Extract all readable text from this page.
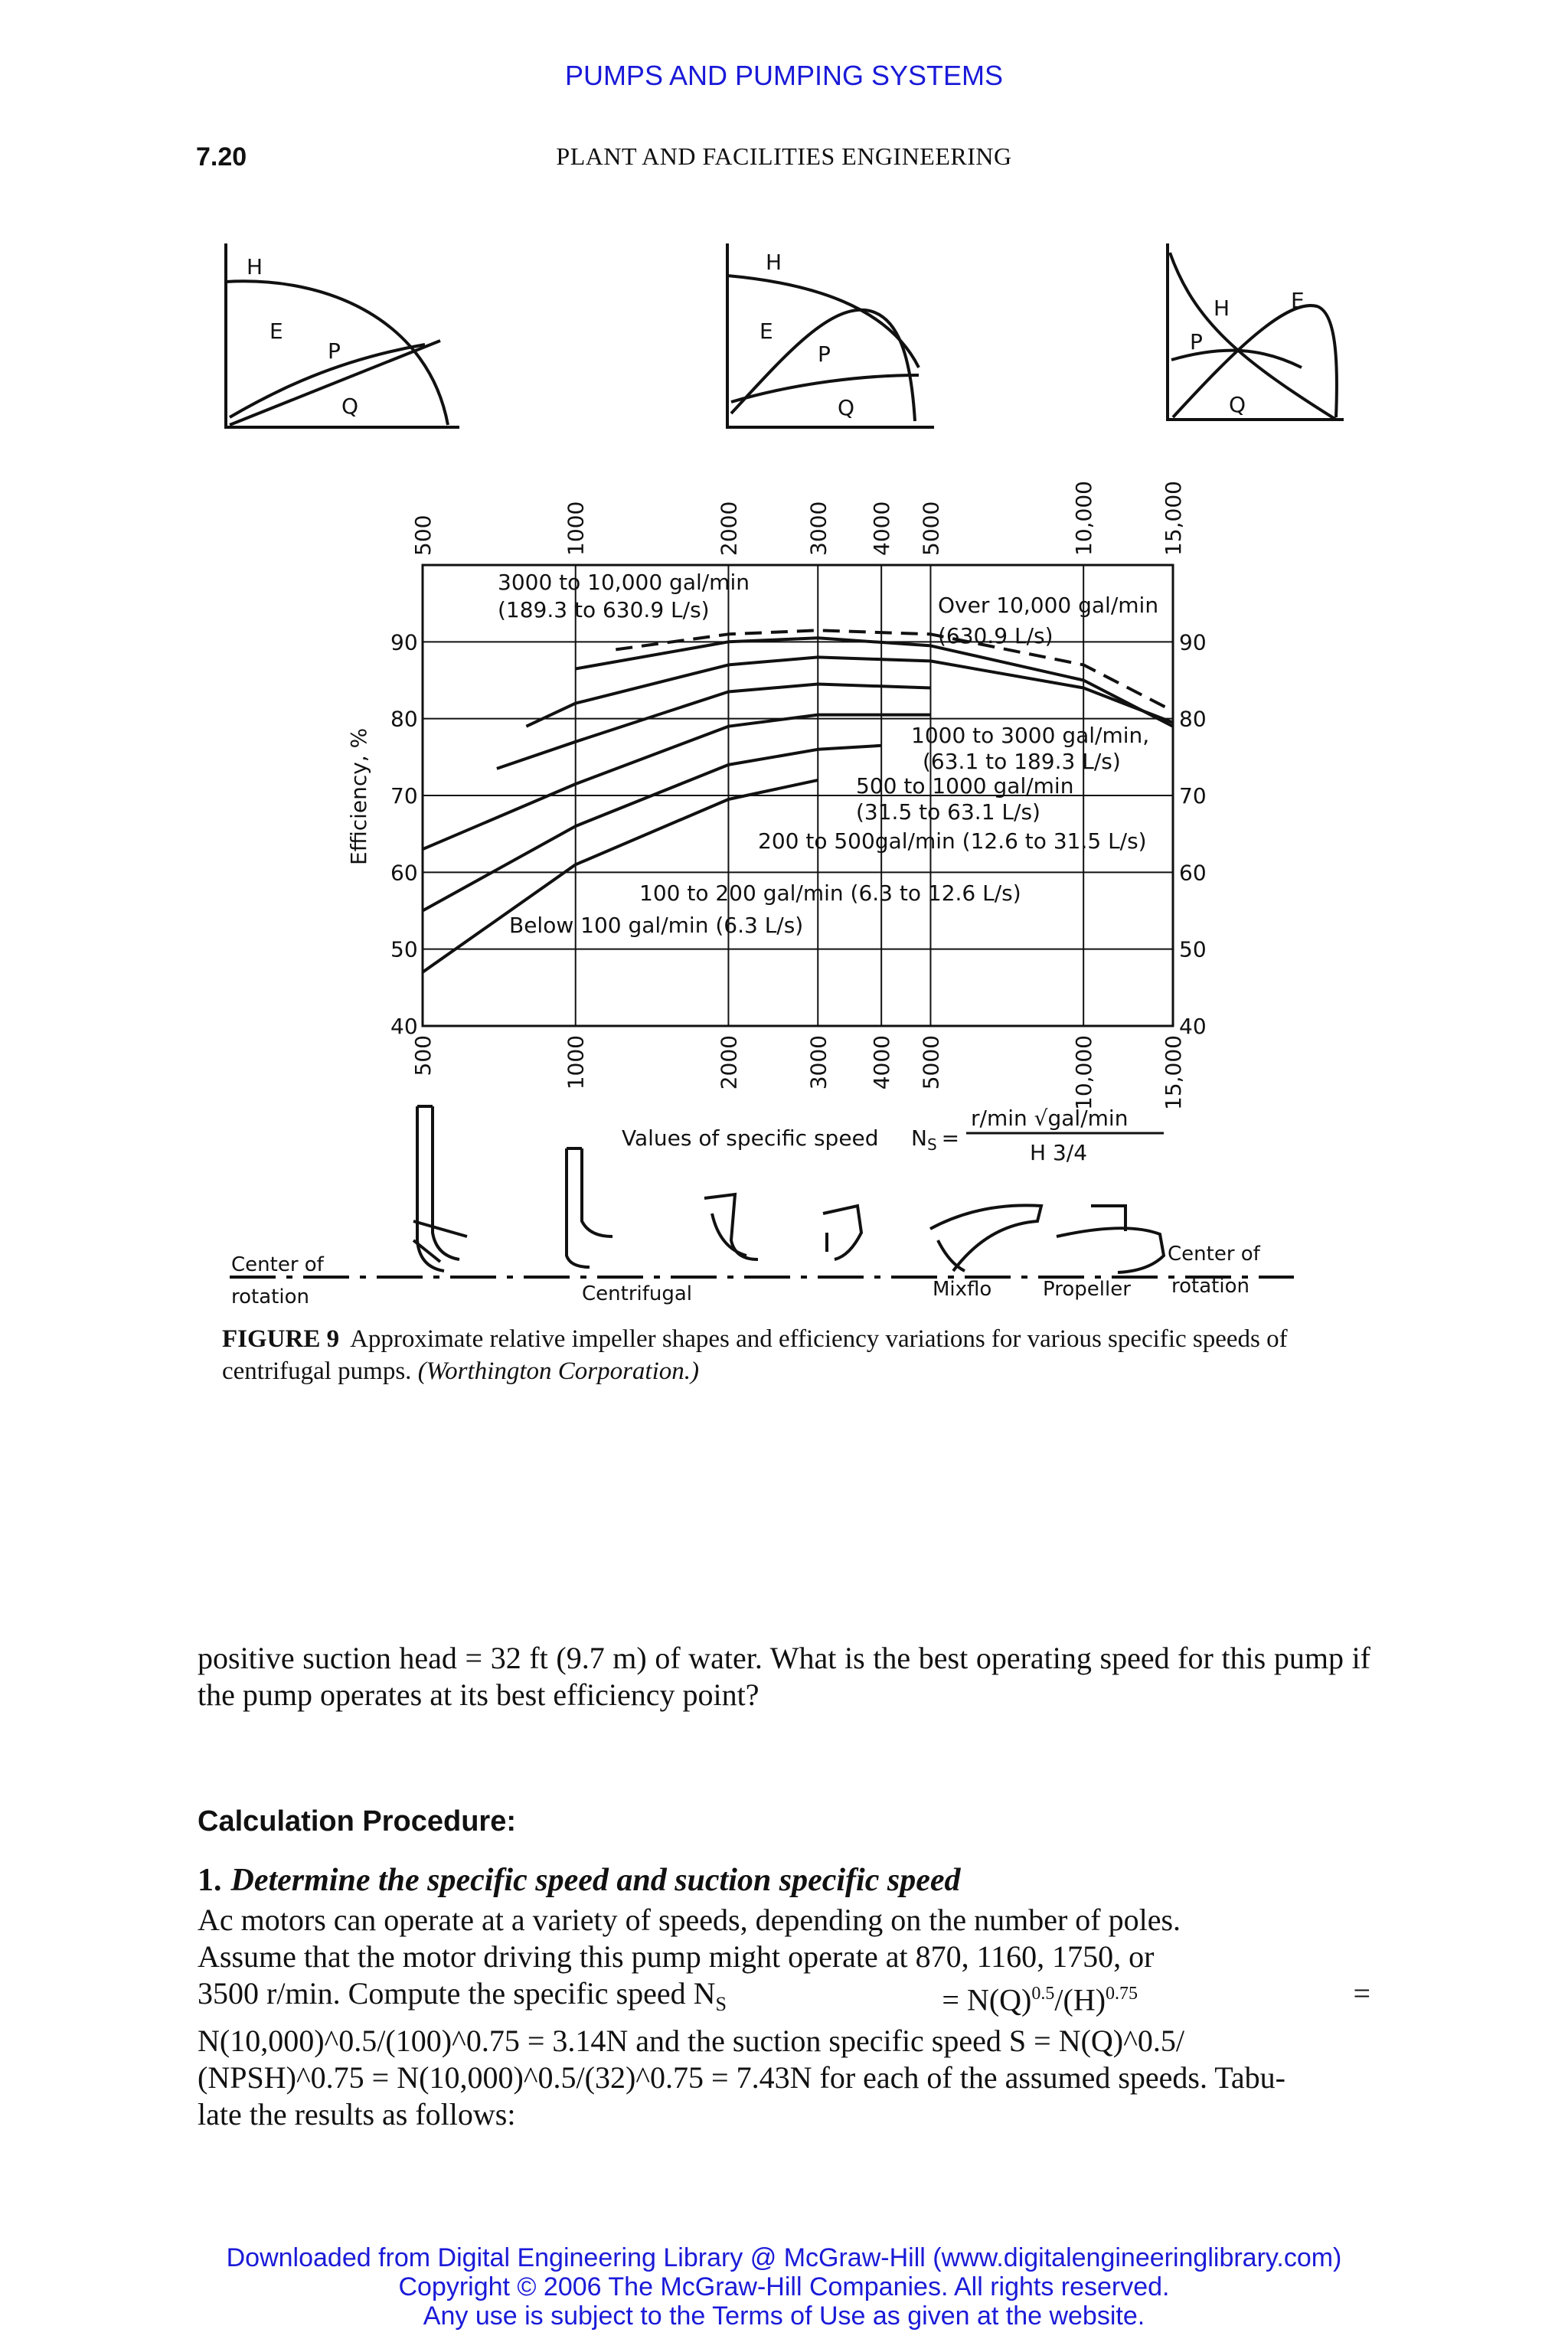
PUMPS AND PUMPING SYSTEMS
7.20	PLANT AND FACILITIES ENGINEERING
H
E
P
Q
H
E
P
Q
H	E
P
Q
40	40
50	50
60	60
70	70
80	80
90	90
500
500
1000
1000
2000
2000
3000
3000
4000
4000
5000
5000
10,000
10,000
15,000
15,000
Over 10,000 gal/min
(630.9 L/s)
3000 to 10,000 gal/min
(189.3 to 630.9 L/s)
1000 to 3000 gal/min,
(63.1 to 189.3 L/s)
500 to 1000 gal/min
(31.5 to 63.1 L/s)
200 to 500gal/min (12.6 to 31.5 L/s)
100 to 200 gal/min (6.3 to 12.6 L/s)
Below 100 gal/min (6.3 L/s)
Efficiency, %
Values of specific speed $N_S$ =
r/min √gal/min
H 3/4
Center of
rotation	Centrifugal	Mixflo	Propeller
Center of
rotation
FIGURE 9 Approximate relative impeller shapes and efficiency variations for various specific speeds of centrifugal pumps. (Worthington Corporation.)
positive suction head = 32 ft (9.7 m) of water. What is the best operating speed for this pump if the pump operates at its best efficiency point?
Calculation Procedure:
1. Determine the specific speed and suction specific speed
Ac motors can operate at a variety of speeds, depending on the number of poles.
Assume that the motor driving this pump might operate at 870, 1160, 1750, or
3500 r/min. Compute the specific speed $N_S$	= $N(Q)^{0.5}/(H)^{0.75}$	=
N(10,000)^0.5/(100)^0.75 = 3.14N and the suction specific speed S = N(Q)^0.5/
(NPSH)^0.75 = N(10,000)^0.5/(32)^0.75 = 7.43N for each of the assumed speeds. Tabu-
late the results as follows:
Downloaded from Digital Engineering Library @ McGraw-Hill (www.digitalengineeringlibrary.com)
Copyright © 2006 The McGraw-Hill Companies. All rights reserved.
Any use is subject to the Terms of Use as given at the website.
